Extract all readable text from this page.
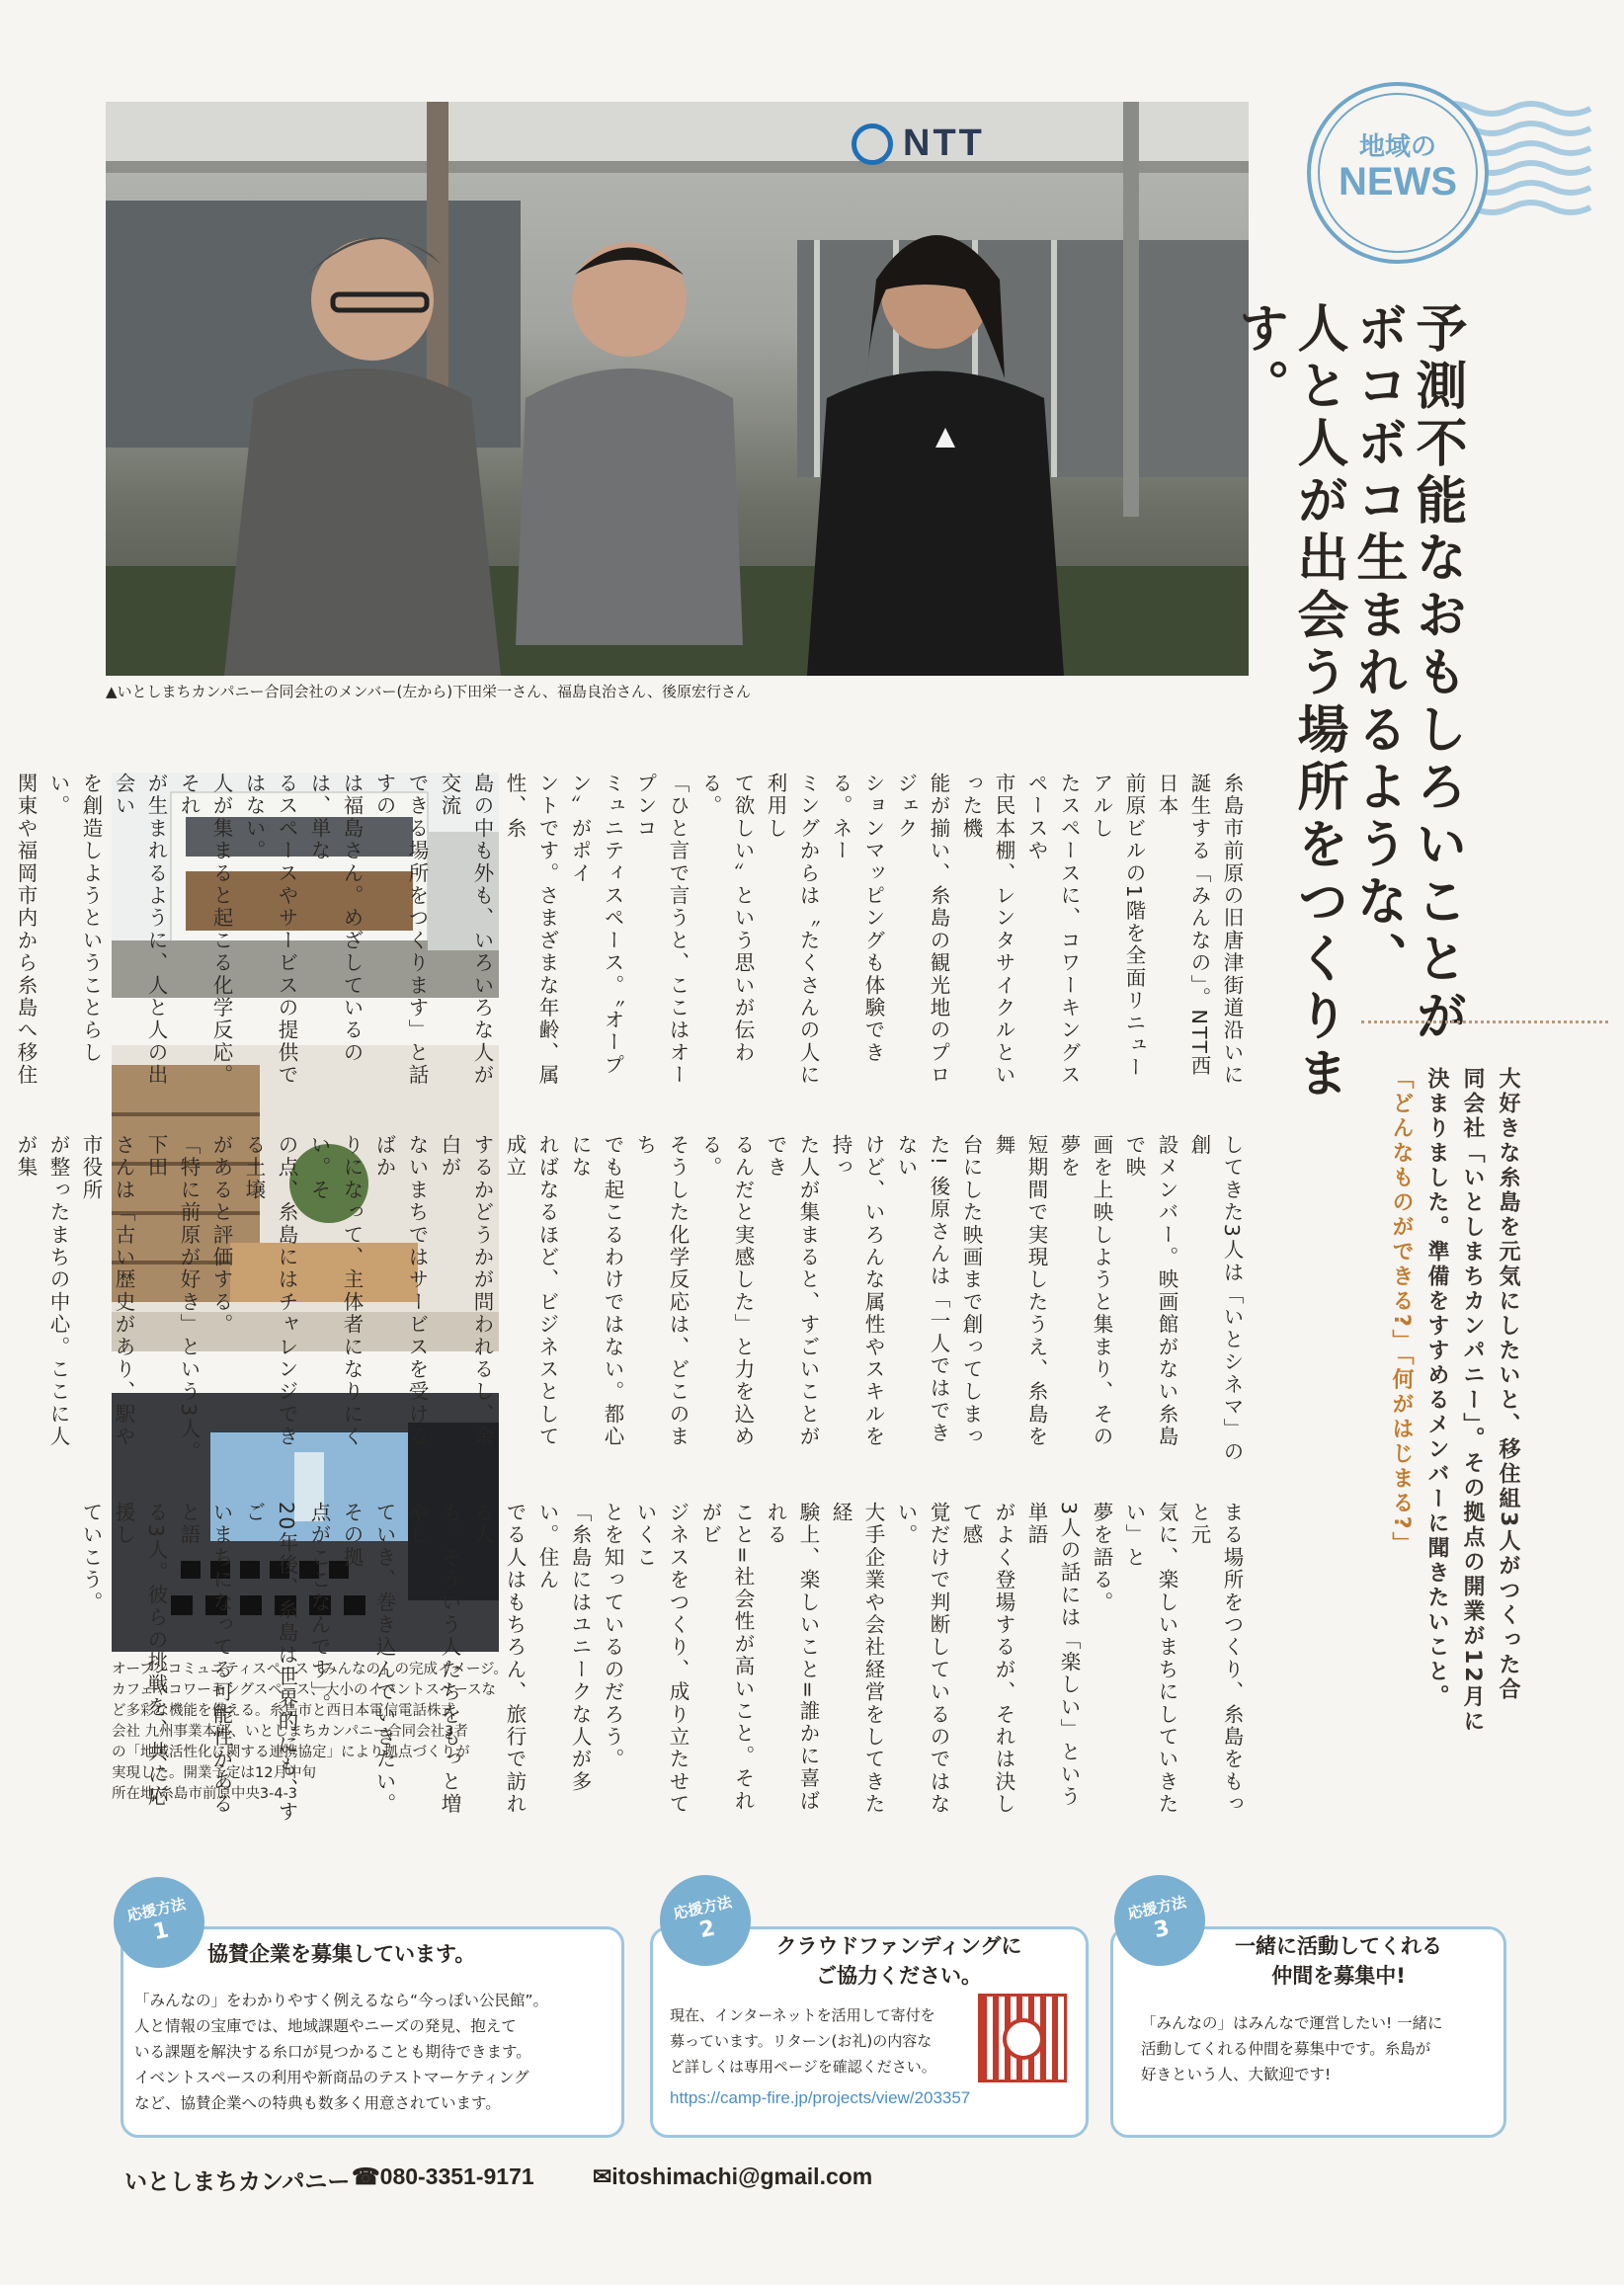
地域の
NEWS
NTT
▲いとしまちカンパニー合同会社のメンバー(左から)下田栄一さん、福島良治さん、後原宏行さん	予測不能なおもしろいことが
ボコボコ生まれるような、
人と人が出会う場所をつくります。
大好きな糸島を元気にしたいと、移住組3人がつくった合
同会社「いとしまちカンパニー」。その拠点の開業が12月に
決まりました。準備をすすめるメンバーに聞きたいこと。
「どんなものができる?」「何がはじまる?」
オープンコミュニティスペース「みんなの」の完成イメージ。
カフェやコワーキングスペース、大小のイベントスペースな
ど多彩な機能を備える。糸島市と西日本電信電話株式
会社 九州事業本部、いとしまちカンパニー合同会社3者
の「地域活性化に関する連携協定」により拠点づくりが
実現した。開業予定は12月中旬
所在地/糸島市前原中央3-4-3
糸島市前原の旧唐津街道沿いに
誕生する「みんなの」。NTT西日本
前原ビルの1階を全面リニューアルし
たスペースに、コワーキングスペースや
市民本棚、レンタサイクルといった機
能が揃い、糸島の観光地のプロジェク
ションマッピングも体験できる。ネー
ミングからは〝たくさんの人に利用し
て欲しい〟という思いが伝わる。
「ひと言で言うと、ここはオープンコ
ミュニティスペース。〝オープン〟がポイ
ントです。さまざまな年齢、属性、糸
島の中も外も、いろいろな人が交流
できる場所をつくります」と話すの
は福島さん。めざしているのは、単な
るスペースやサービスの提供ではない。
人が集まると起こる化学反応。それ
が生まれるように、人と人の出会い
を創造しようということらしい。
関東や福岡市内から糸島へ移住
してきた3人は「いとシネマ」の創
設メンバー。映画館がない糸島で映
画を上映しようと集まり、その夢を
短期間で実現したうえ、糸島を舞
台にした映画まで創ってしまっ
た! 後原さんは「一人ではできない
けど、いろんな属性やスキルを持っ
た人が集まると、すごいことができ
るんだと実感した」と力を込める。
そうした化学反応は、どこのまち
でも起こるわけではない。都心にな
ればなるほど、ビジネスとして成立
するかどうかが問われるし、余白が
ないまちではサービスを受けるばか
りになって、主体者になりにくい。そ
の点、糸島にはチャレンジできる土壌
があると評価する。
「特に前原が好き」という3人。下田
さんは「古い歴史があり、駅や市役所
が整ったまちの中心。ここに人が集
まる場所をつくり、糸島をもっと元
気に、楽しいまちにしていきたい」と
夢を語る。
3人の話には「楽しい」という単語
がよく登場するが、それは決して感
覚だけで判断しているのではない。
大手企業や会社経営をしてきた経
験上、楽しいこと=誰かに喜ばれる
こと=社会性が高いこと。それがビ
ジネスをつくり、成り立たせていくこ
とを知っているのだろう。
「糸島にはユニークな人が多い。住ん
でる人はもちろん、旅行で訪れる人
も。そういう人たちをもっと増やし
ていき、巻き込んでいきたい。その拠
点がここなんです」。
20年後、糸島は世界的にも、すご
いまちになってる可能性があると語
る3人。彼らの挑戦を、共に応援し
ていこう。
応援方法
1
協賛企業を募集しています。
「みんなの」をわかりやすく例えるなら“今っぽい公民館”。
人と情報の宝庫では、地域課題やニーズの発見、抱えて
いる課題を解決する糸口が見つかることも期待できます。
イベントスペースの利用や新商品のテストマーケティング
など、協賛企業への特典も数多く用意されています。
応援方法
2
クラウドファンディングに
ご協力ください。
現在、インターネットを活用して寄付を
募っています。リターン(お礼)の内容な
ど詳しくは専用ページを確認ください。
https://camp-fire.jp/projects/view/203357
応援方法
3
一緒に活動してくれる
仲間を募集中!
「みんなの」はみんなで運営したい! 一緒に
活動してくれる仲間を募集中です。糸島が
好きという人、大歓迎です!
いとしまちカンパニー ☎080-3351-9171	✉itoshimachi@gmail.com
